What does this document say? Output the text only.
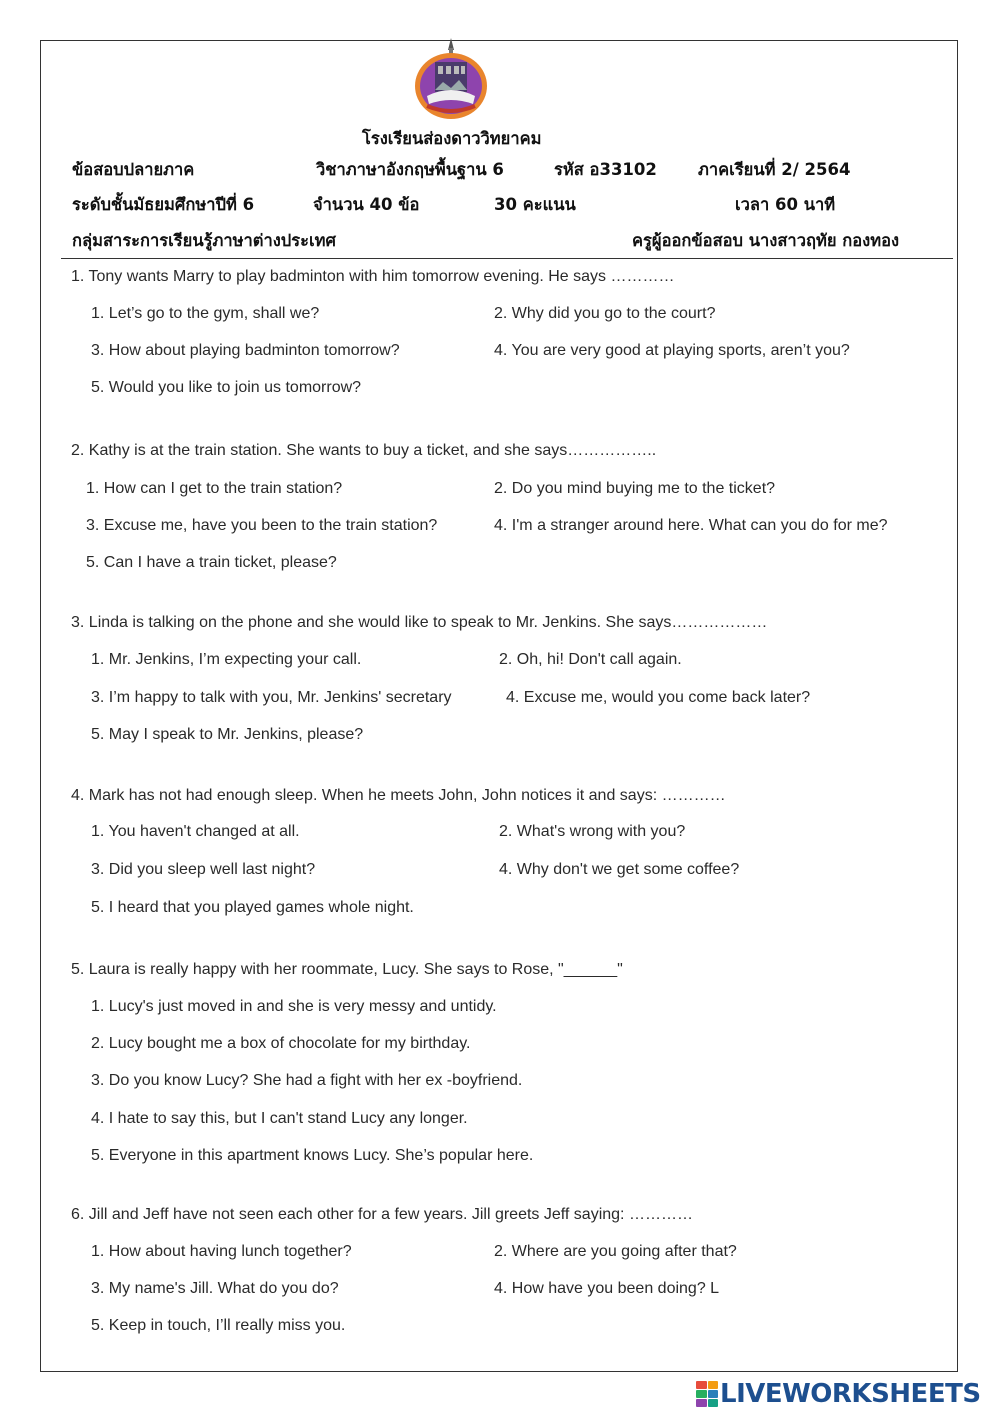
โรงเรียนส่องดาววิทยาคม
ข้อสอบปลายภาค	วิชาภาษาอังกฤษพื้นฐาน 6	รหัส อ33102 ภาคเรียนที่ 2/ 2564
ระดับชั้นมัธยมศึกษาปีที่ 6	จำนวน 40 ข้อ	30 คะแนน	เวลา 60 นาที
กลุ่มสาระการเรียนรู้ภาษาต่างประเทศ	ครูผู้ออกข้อสอบ นางสาวฤทัย กองทอง
1. Tony wants Marry to play badminton with him tomorrow evening. He says …………
1. Let’s go to the gym, shall we?	2. Why did you go to the court?
3. How about playing badminton tomorrow?	4. You are very good at playing sports, aren’t you?
5. Would you like to join us tomorrow?
2. Kathy is at the train station. She wants to buy a ticket, and she says……………..
1. How can I get to the train station?	2. Do you mind buying me to the ticket?
3. Excuse me, have you been to the train station?	4. I'm a stranger around here. What can you do for me?
5. Can I have a train ticket, please?
3. Linda is talking on the phone and she would like to speak to Mr. Jenkins. She says………………
1. Mr. Jenkins, I’m expecting your call.	2. Oh, hi! Don't call again.
3. I’m happy to talk with you, Mr. Jenkins' secretary	4. Excuse me, would you come back later?
5. May I speak to Mr. Jenkins, please?
4. Mark has not had enough sleep. When he meets John, John notices it and says: …………
1. You haven't changed at all.	2. What's wrong with you?
3. Did you sleep well last night?	4. Why don't we get some coffee?
5. I heard that you played games whole night.
5. Laura is really happy with her roommate, Lucy. She says to Rose, "______"
1. Lucy's just moved in and she is very messy and untidy.
2. Lucy bought me a box of chocolate for my birthday.
3. Do you know Lucy? She had a fight with her ex -boyfriend.
4. I hate to say this, but I can't stand Lucy any longer.
5. Everyone in this apartment knows Lucy. She’s popular here.
6. Jill and Jeff have not seen each other for a few years. Jill greets Jeff saying: …………
1. How about having lunch together?	2. Where are you going after that?
3. My name's Jill. What do you do?	4. How have you been doing? L
5. Keep in touch, I’ll really miss you.
LIVEWORKSHEETS
